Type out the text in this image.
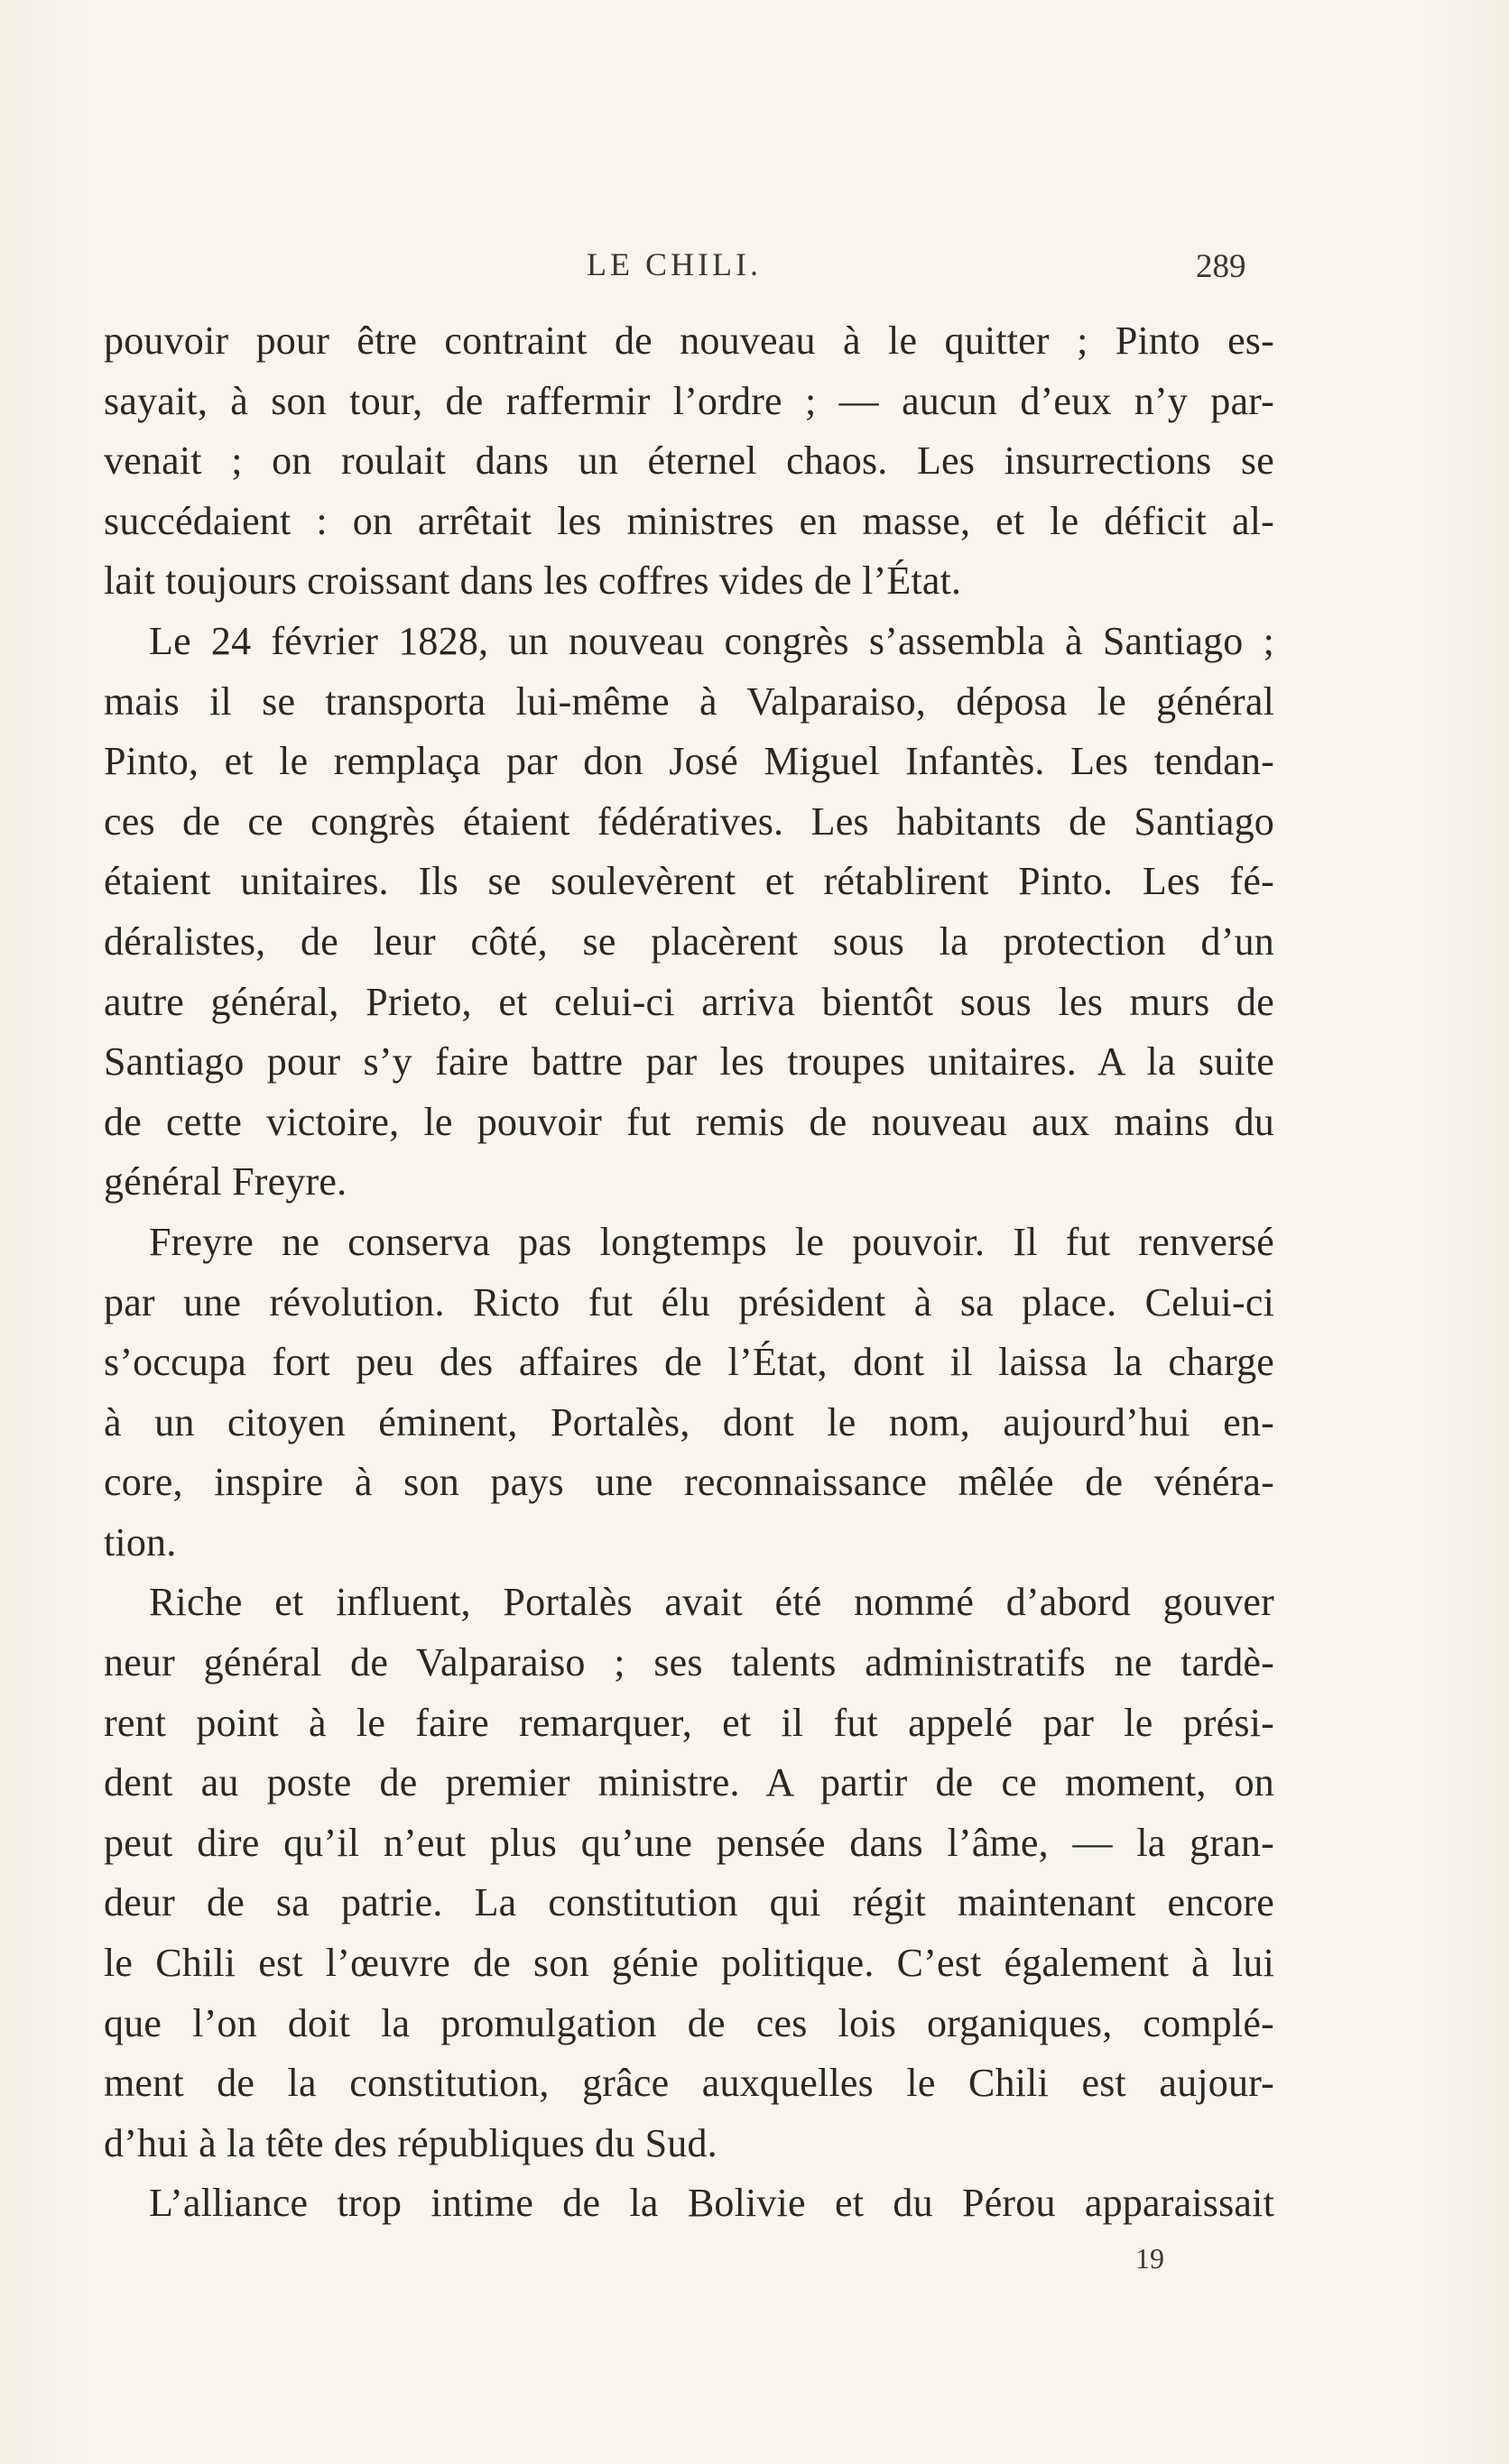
LE CHILI.	289
pouvoir pour être contraint de nouveau à le quitter ; Pinto es-
sayait, à son tour, de raffermir l’ordre ; — aucun d’eux n’y par-
venait ; on roulait dans un éternel chaos. Les insurrections se
succédaient : on arrêtait les ministres en masse, et le déficit al-
lait toujours croissant dans les coffres vides de l’État.
Le 24 février 1828, un nouveau congrès s’assembla à Santiago ;
mais il se transporta lui-même à Valparaiso, déposa le général
Pinto, et le remplaça par don José Miguel Infantès. Les tendan-
ces de ce congrès étaient fédératives. Les habitants de Santiago
étaient unitaires. Ils se soulevèrent et rétablirent Pinto. Les fé-
déralistes, de leur côté, se placèrent sous la protection d’un
autre général, Prieto, et celui-ci arriva bientôt sous les murs de
Santiago pour s’y faire battre par les troupes unitaires. A la suite
de cette victoire, le pouvoir fut remis de nouveau aux mains du
général Freyre.
Freyre ne conserva pas longtemps le pouvoir. Il fut renversé
par une révolution. Ricto fut élu président à sa place. Celui-ci
s’occupa fort peu des affaires de l’État, dont il laissa la charge
à un citoyen éminent, Portalès, dont le nom, aujourd’hui en-
core, inspire à son pays une reconnaissance mêlée de vénéra-
tion.
Riche et influent, Portalès avait été nommé d’abord gouver
neur général de Valparaiso ; ses talents administratifs ne tardè-
rent point à le faire remarquer, et il fut appelé par le prési-
dent au poste de premier ministre. A partir de ce moment, on
peut dire qu’il n’eut plus qu’une pensée dans l’âme, — la gran-
deur de sa patrie. La constitution qui régit maintenant encore
le Chili est l’œuvre de son génie politique. C’est également à lui
que l’on doit la promulgation de ces lois organiques, complé-
ment de la constitution, grâce auxquelles le Chili est aujour-
d’hui à la tête des républiques du Sud.
L’alliance trop intime de la Bolivie et du Pérou apparaissait
19
